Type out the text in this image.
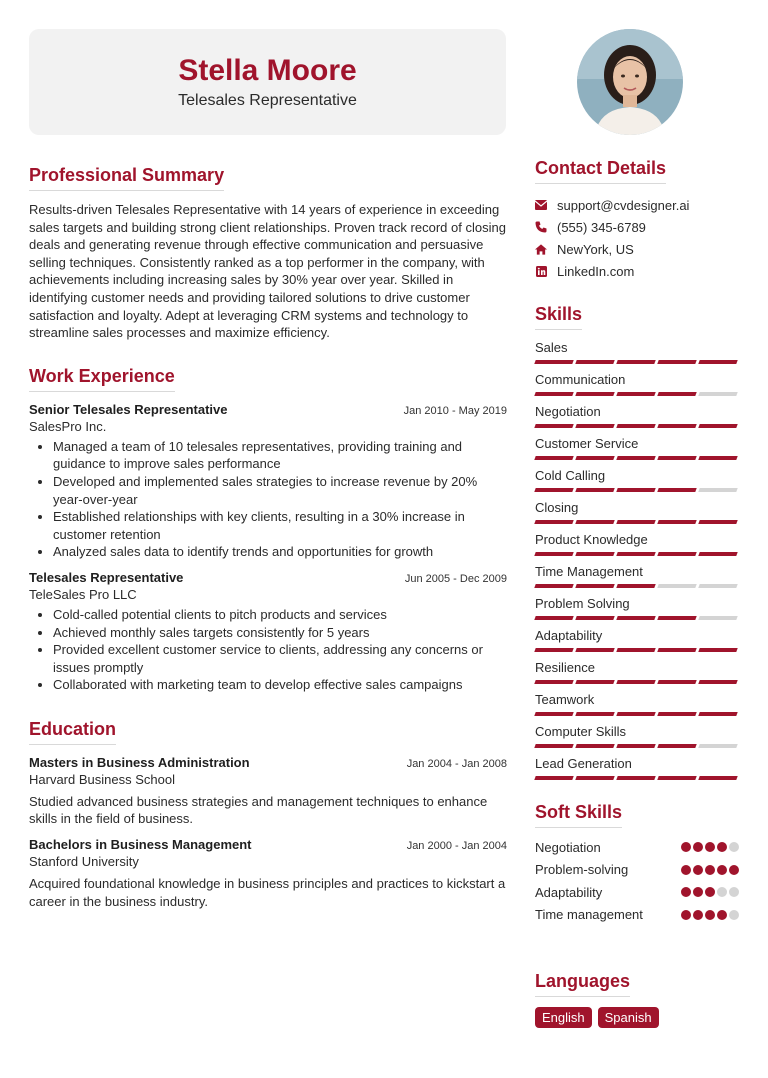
Stella Moore
Telesales Representative
Professional Summary
Results-driven Telesales Representative with 14 years of experience in exceeding sales targets and building strong client relationships. Proven track record of closing deals and generating revenue through effective communication and persuasive selling techniques. Consistently ranked as a top performer in the company, with achievements including increasing sales by 30% year over year. Skilled in identifying customer needs and providing tailored solutions to drive customer satisfaction and loyalty. Adept at leveraging CRM systems and technology to streamline sales processes and maximize efficiency.
Work Experience
Senior Telesales Representative	Jan 2010 - May 2019
SalesPro Inc.
• Managed a team of 10 telesales representatives, providing training and guidance to improve sales performance
• Developed and implemented sales strategies to increase revenue by 20% year-over-year
• Established relationships with key clients, resulting in a 30% increase in customer retention
• Analyzed sales data to identify trends and opportunities for growth
Telesales Representative	Jun 2005 - Dec 2009
TeleSales Pro LLC
• Cold-called potential clients to pitch products and services
• Achieved monthly sales targets consistently for 5 years
• Provided excellent customer service to clients, addressing any concerns or issues promptly
• Collaborated with marketing team to develop effective sales campaigns
Education
Masters in Business Administration	Jan 2004 - Jan 2008
Harvard Business School
Studied advanced business strategies and management techniques to enhance skills in the field of business.
Bachelors in Business Management	Jan 2000 - Jan 2004
Stanford University
Acquired foundational knowledge in business principles and practices to kickstart a career in the business industry.
Contact Details
support@cvdesigner.ai
(555) 345-6789
NewYork, US
LinkedIn.com
Skills
Sales
Communication
Negotiation
Customer Service
Cold Calling
Closing
Product Knowledge
Time Management
Problem Solving
Adaptability
Resilience
Teamwork
Computer Skills
Lead Generation
Soft Skills
Negotiation
Problem-solving
Adaptability
Time management
Languages
English	Spanish
